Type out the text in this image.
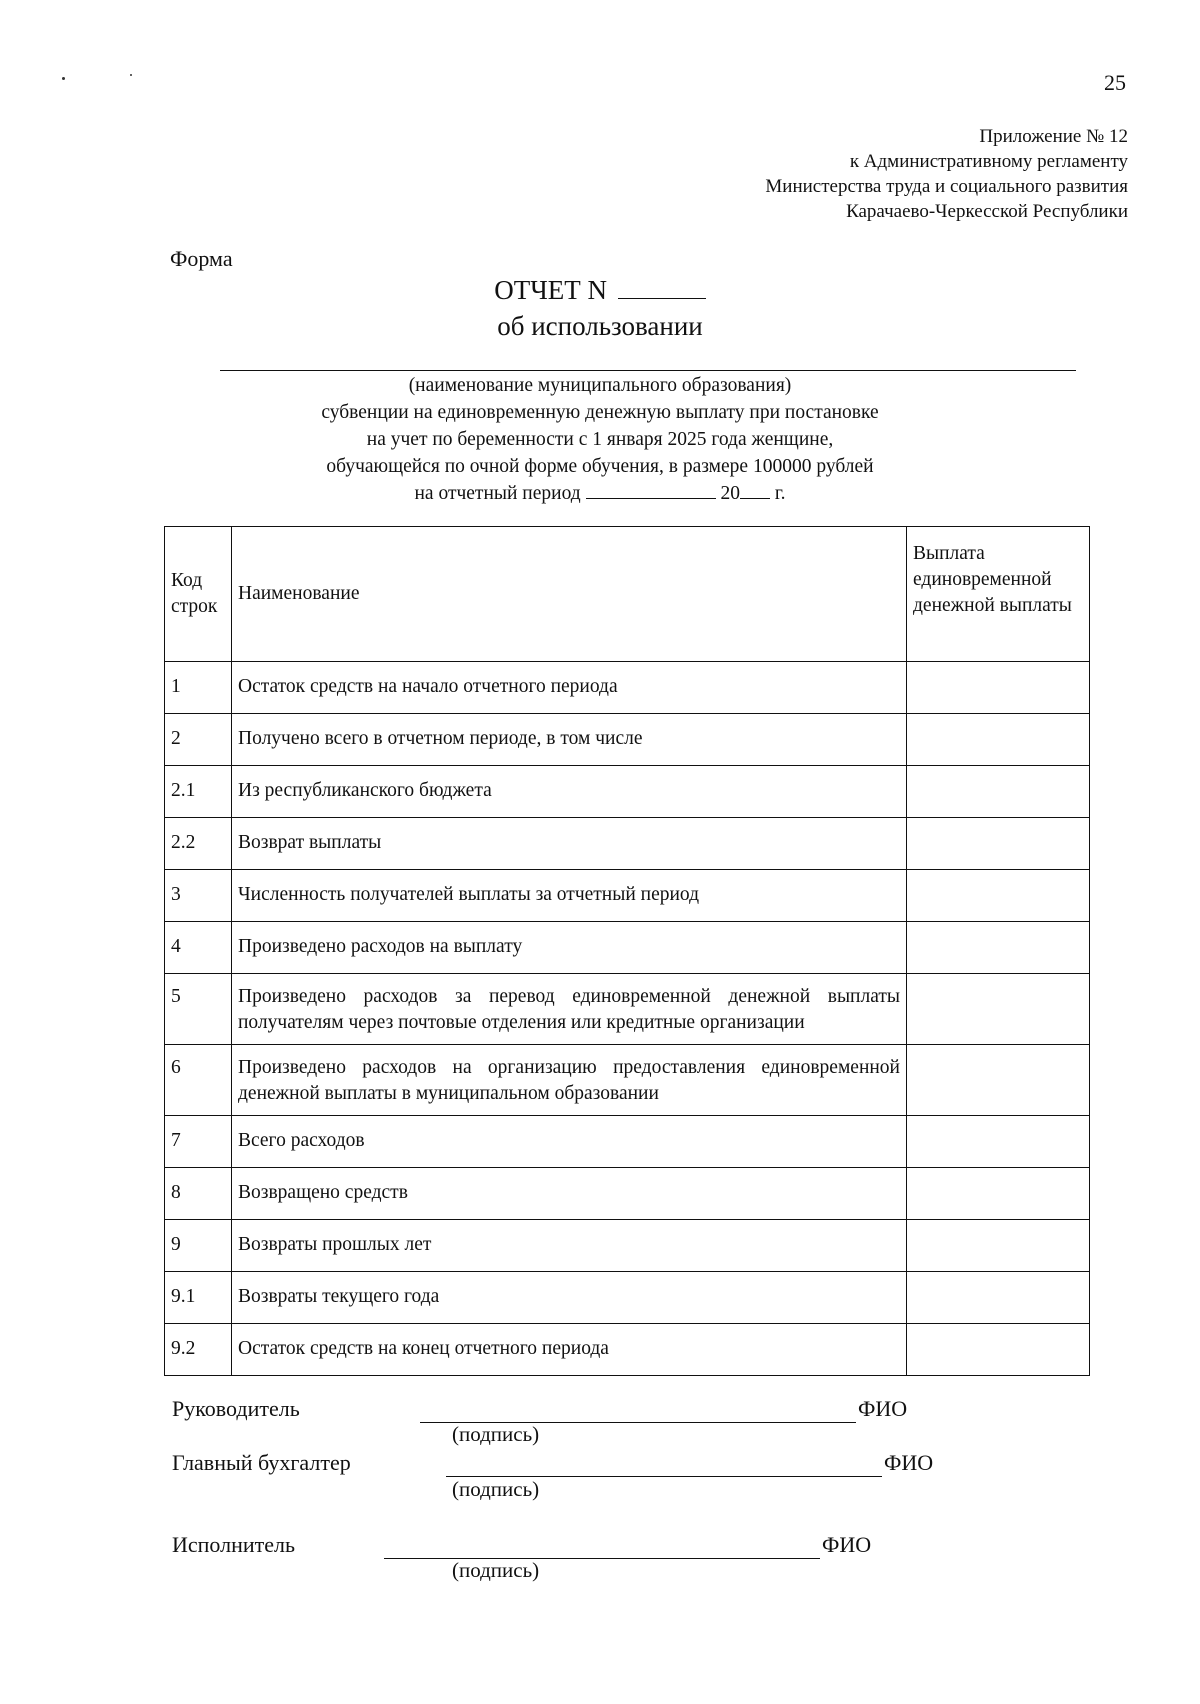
25
Приложение № 12
к Административному регламенту
Министерства труда и социального развития
Карачаево-Черкесской Республики
Форма
ОТЧЕТ N
об использовании
(наименование муниципального образования)
субвенции на единовременную денежную выплату при постановке
на учет по беременности с 1 января 2025 года женщине,
обучающейся по очной форме обучения, в размере 100000 рублей
на отчетный период	20 г.
Код строк	Наименование	Выплата единовременной денежной выплаты
1	Остаток средств на начало отчетного периода	
2	Получено всего в отчетном периоде, в том числе	
2.1	Из республиканского бюджета	
2.2	Возврат выплаты	
3	Численность получателей выплаты за отчетный период	
4	Произведено расходов на выплату	
5	Произведено расходов за перевод единовременной денежной выплаты получателям через почтовые отделения или кредитные организации	
6	Произведено расходов на организацию предоставления единовременной денежной выплаты в муниципальном образовании	
7	Всего расходов	
8	Возвращено средств	
9	Возвраты прошлых лет	
9.1	Возвраты текущего года	
9.2	Остаток средств на конец отчетного периода	
Руководитель	ФИО
(подпись)
Главный бухгалтер	ФИО
(подпись)
Исполнитель	ФИО
(подпись)
